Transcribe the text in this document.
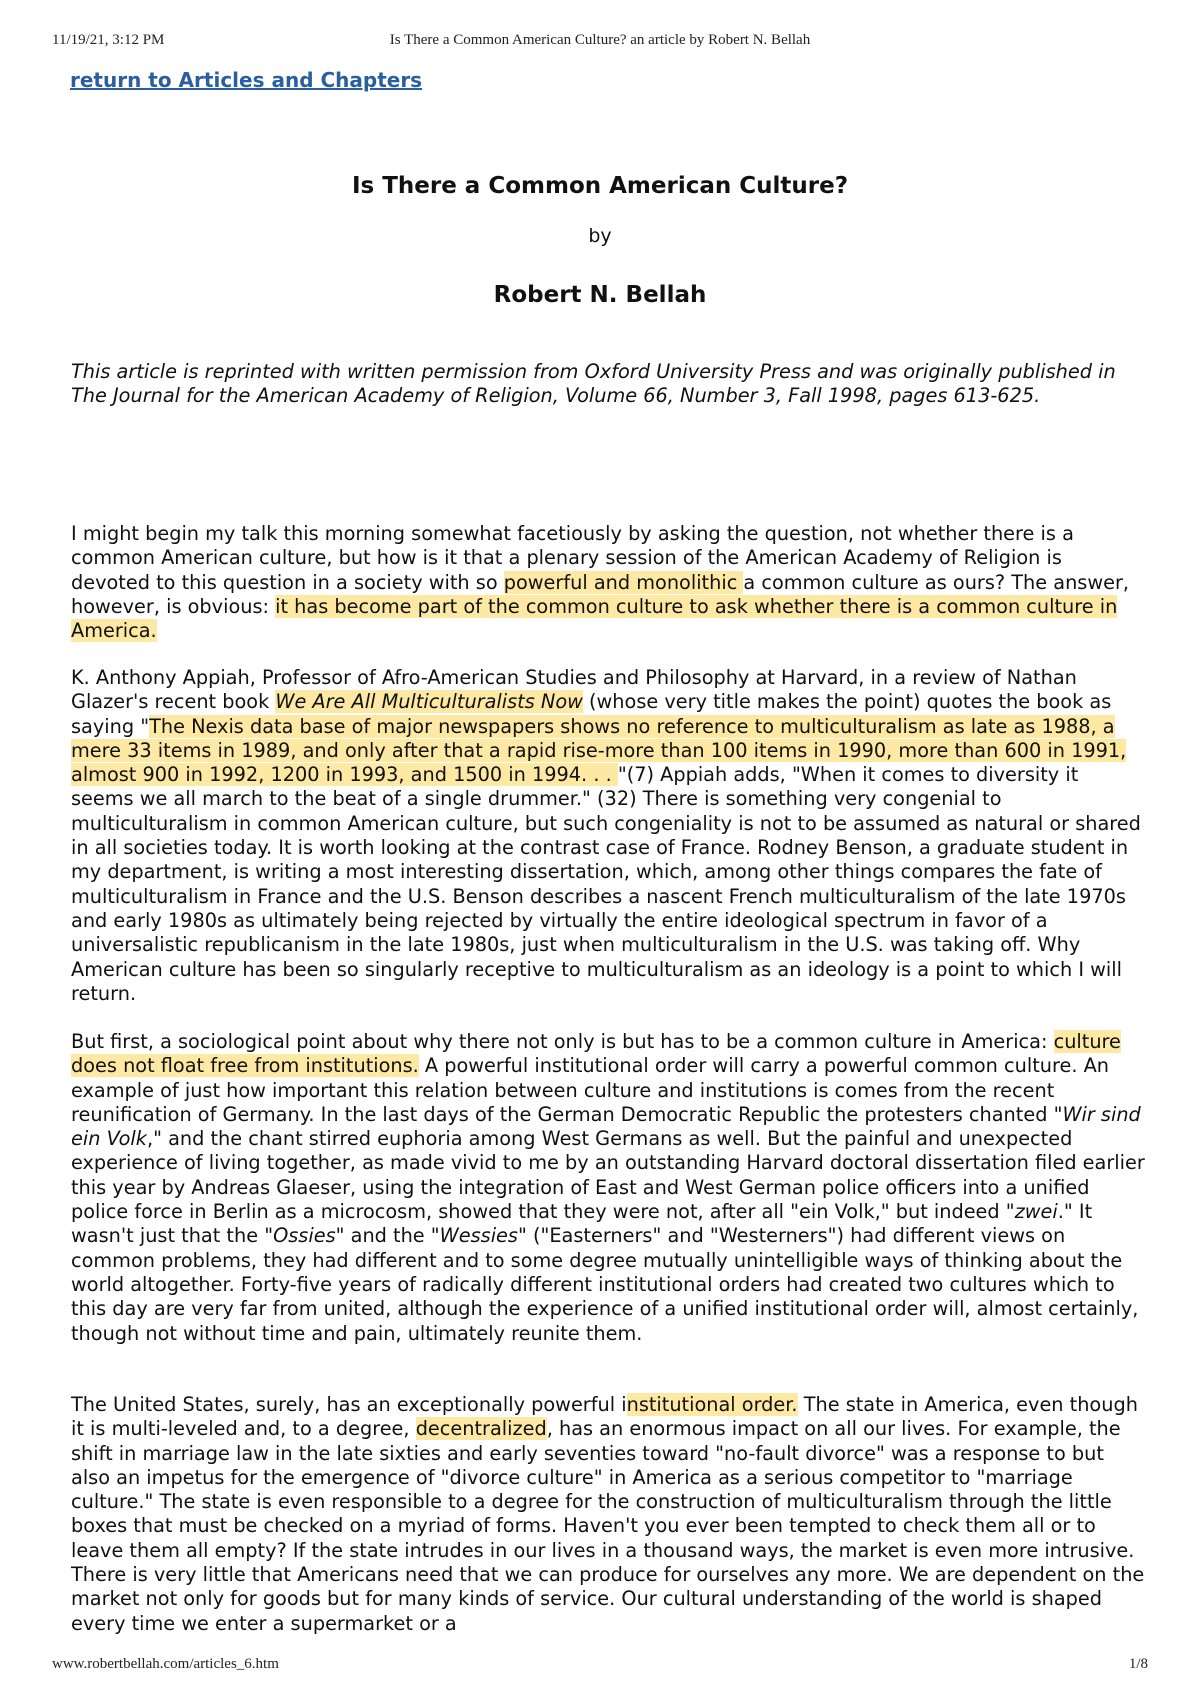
11/19/21, 3:12 PM	Is There a Common American Culture? an article by Robert N. Bellah
return to Articles and Chapters
Is There a Common American Culture?

by

Robert N. Bellah

This article is reprinted with written permission from Oxford University Press and was originally published in The Journal for the American Academy of Religion, Volume 66, Number 3, Fall 1998, pages 613-625.

I might begin my talk this morning somewhat facetiously by asking the question, not whether there is a common American culture, but how is it that a plenary session of the American Academy of Religion is devoted to this question in a society with so powerful and monolithic a common culture as ours? The answer, however, is obvious: it has become part of the common culture to ask whether there is a common culture in America.

K. Anthony Appiah, Professor of Afro-American Studies and Philosophy at Harvard, in a review of Nathan Glazer's recent book We Are All Multiculturalists Now (whose very title makes the point) quotes the book as saying "The Nexis data base of major newspapers shows no reference to multiculturalism as late as 1988, a mere 33 items in 1989, and only after that a rapid rise-more than 100 items in 1990, more than 600 in 1991, almost 900 in 1992, 1200 in 1993, and 1500 in 1994. . . "(7) Appiah adds, "When it comes to diversity it seems we all march to the beat of a single drummer." (32) There is something very congenial to multiculturalism in common American culture, but such congeniality is not to be assumed as natural or shared in all societies today. It is worth looking at the contrast case of France. Rodney Benson, a graduate student in my department, is writing a most interesting dissertation, which, among other things compares the fate of multiculturalism in France and the U.S. Benson describes a nascent French multiculturalism of the late 1970s and early 1980s as ultimately being rejected by virtually the entire ideological spectrum in favor of a universalistic republicanism in the late 1980s, just when multiculturalism in the U.S. was taking off. Why American culture has been so singularly receptive to multiculturalism as an ideology is a point to which I will return.

But first, a sociological point about why there not only is but has to be a common culture in America: culture does not float free from institutions. A powerful institutional order will carry a powerful common culture. An example of just how important this relation between culture and institutions is comes from the recent reunification of Germany. In the last days of the German Democratic Republic the protesters chanted "Wir sind ein Volk," and the chant stirred euphoria among West Germans as well. But the painful and unexpected experience of living together, as made vivid to me by an outstanding Harvard doctoral dissertation filed earlier this year by Andreas Glaeser, using the integration of East and West German police officers into a unified police force in Berlin as a microcosm, showed that they were not, after all "ein Volk," but indeed "zwei." It wasn't just that the "Ossies" and the "Wessies" ("Easterners" and "Westerners") had different views on common problems, they had different and to some degree mutually unintelligible ways of thinking about the world altogether. Forty-five years of radically different institutional orders had created two cultures which to this day are very far from united, although the experience of a unified institutional order will, almost certainly, though not without time and pain, ultimately reunite them.

The United States, surely, has an exceptionally powerful institutional order. The state in America, even though it is multi-leveled and, to a degree, decentralized, has an enormous impact on all our lives. For example, the shift in marriage law in the late sixties and early seventies toward "no-fault divorce" was a response to but also an impetus for the emergence of "divorce culture" in America as a serious competitor to "marriage culture." The state is even responsible to a degree for the construction of multiculturalism through the little boxes that must be checked on a myriad of forms. Haven't you ever been tempted to check them all or to leave them all empty? If the state intrudes in our lives in a thousand ways, the market is even more intrusive. There is very little that Americans need that we can produce for ourselves any more. We are dependent on the market not only for goods but for many kinds of service. Our cultural understanding of the world is shaped every time we enter a supermarket or a

www.robertbellah.com/articles_6.htm	1/8
